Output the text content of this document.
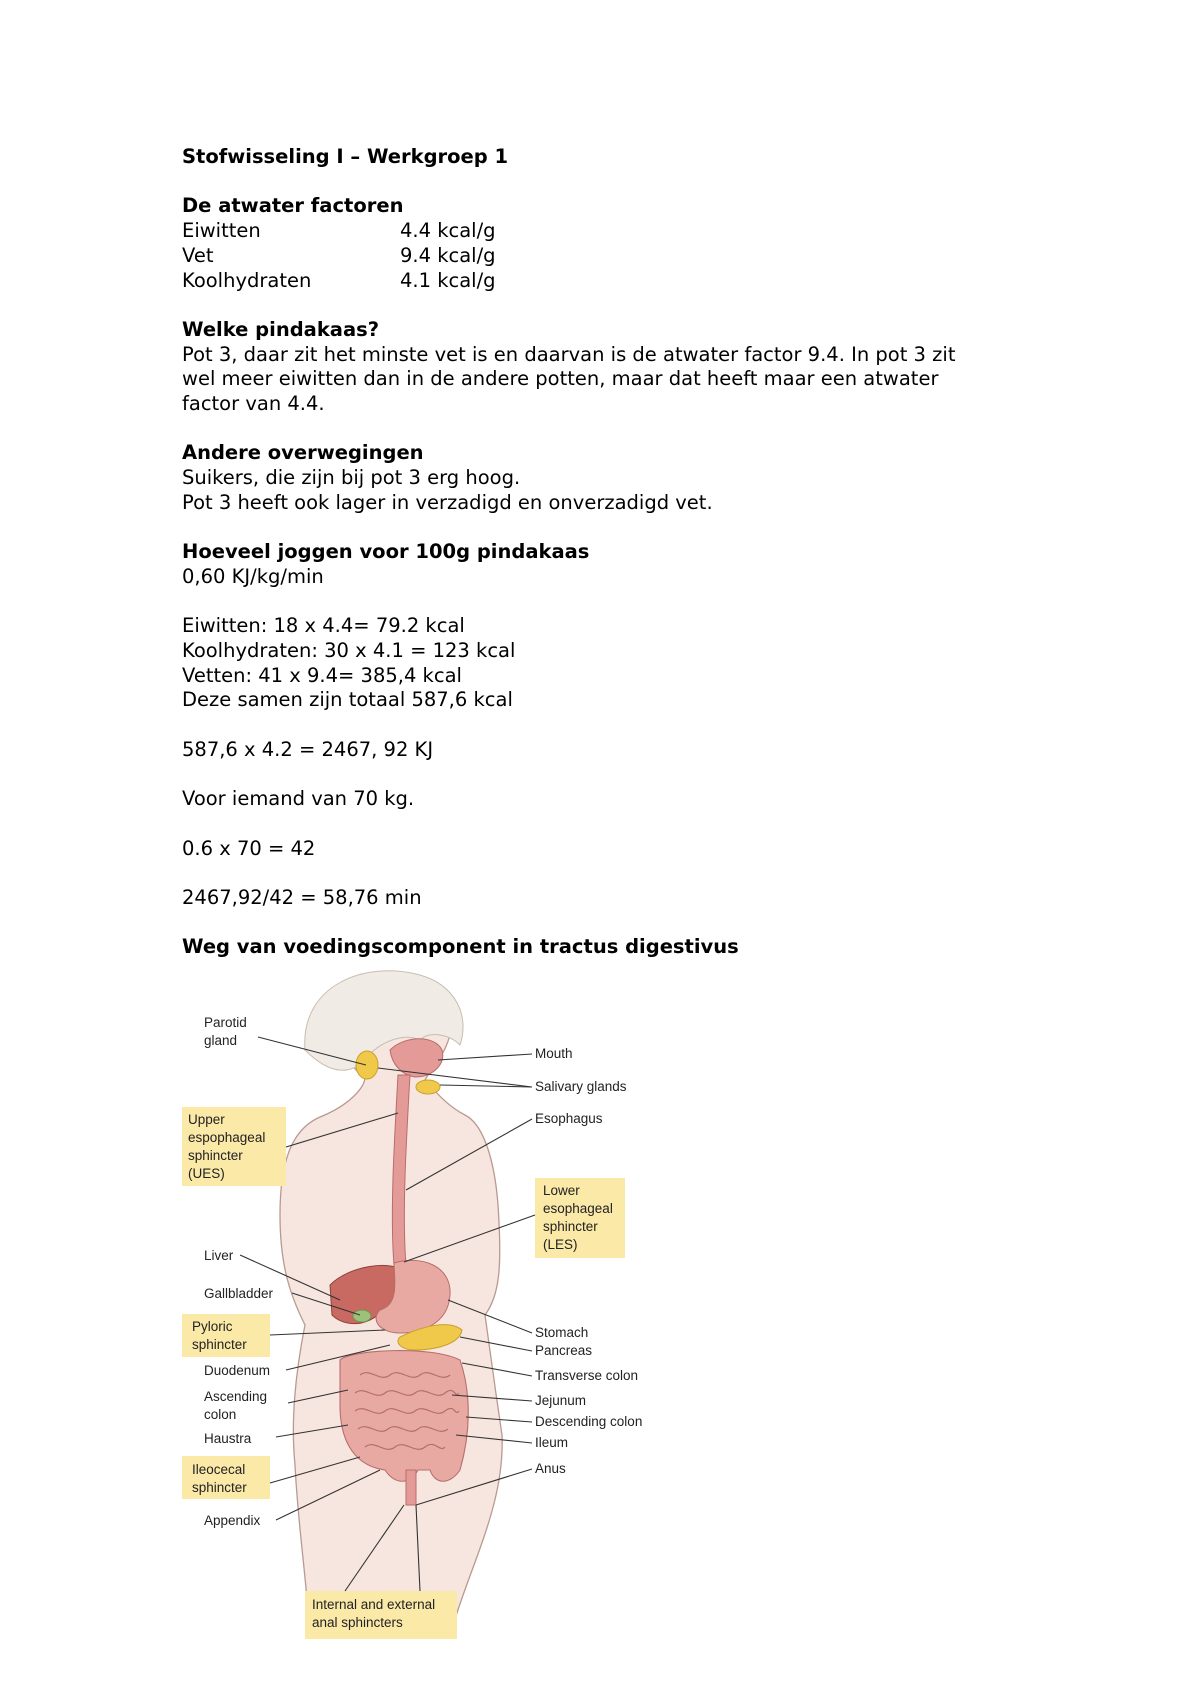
Stofwisseling I – Werkgroep 1
De atwater factoren
Eiwitten	4.4 kcal/g
Vet	9.4 kcal/g
Koolhydraten	4.1 kcal/g
Welke pindakaas?
Pot 3, daar zit het minste vet is en daarvan is de atwater factor 9.4. In pot 3 zit
wel meer eiwitten dan in de andere potten, maar dat heeft maar een atwater
factor van 4.4.
Andere overwegingen
Suikers, die zijn bij pot 3 erg hoog.
Pot 3 heeft ook lager in verzadigd en onverzadigd vet.
Hoeveel joggen voor 100g pindakaas
0,60 KJ/kg/min
Eiwitten: 18 x 4.4= 79.2 kcal
Koolhydraten: 30 x 4.1 = 123 kcal
Vetten: 41 x 9.4= 385,4 kcal
Deze samen zijn totaal 587,6 kcal
587,6 x 4.2 = 2467, 92 KJ
Voor iemand van 70 kg.
0.6 x 70 = 42
2467,92/42 = 58,76 min
Weg van voedingscomponent in tractus digestivus
Parotid
gland
Upper
espophageal
sphincter
(UES)
Liver
Gallbladder
Pyloric
sphincter
Duodenum
Ascending
colon
Haustra
Ileocecal
sphincter
Appendix
Mouth
Salivary glands
Esophagus
Lower
esophageal
sphincter
(LES)
Stomach
Pancreas
Transverse colon
Jejunum
Descending colon
Ileum
Anus
Internal and external
anal sphincters
